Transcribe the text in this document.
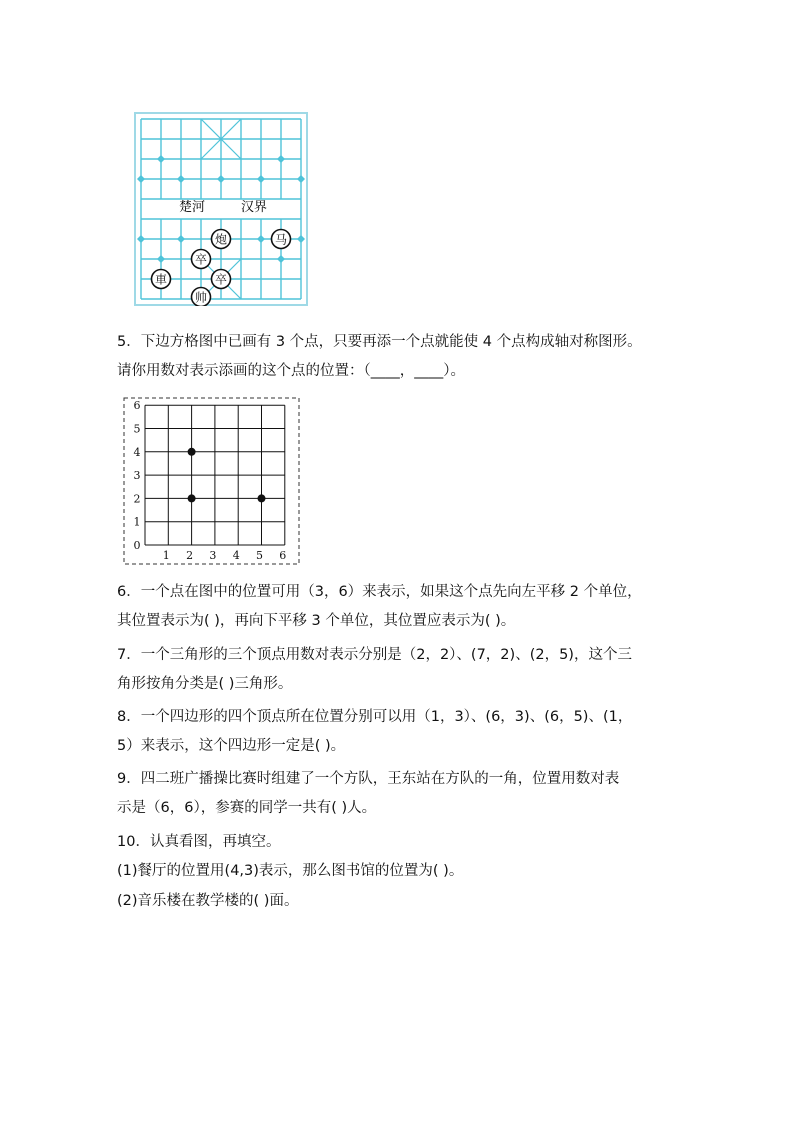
楚河	汉界
炮	马
卒
車	卒
帅
5．下边方格图中已画有 3 个点，只要再添一个点就能使 4 个点构成轴对称图形。
请你用数对表示添画的这个点的位置：（____，____）。
6
5
4
3
2
1
0
1 2 3 4 5 6
6．一个点在图中的位置可用（3，6）来表示，如果这个点先向左平移 2 个单位，
其位置表示为( )，再向下平移 3 个单位，其位置应表示为( )。
7．一个三角形的三个顶点用数对表示分别是（2，2）、(7，2)、(2，5)，这个三
角形按角分类是( )三角形。
8．一个四边形的四个顶点所在位置分别可以用（1，3）、(6，3)、(6，5)、(1，
5）来表示，这个四边形一定是( )。
9．四二班广播操比赛时组建了一个方队，王东站在方队的一角，位置用数对表
示是（6，6），参赛的同学一共有( )人。
10．认真看图，再填空。
(1)餐厅的位置用(4,3)表示，那么图书馆的位置为( )。
(2)音乐楼在教学楼的( )面。
